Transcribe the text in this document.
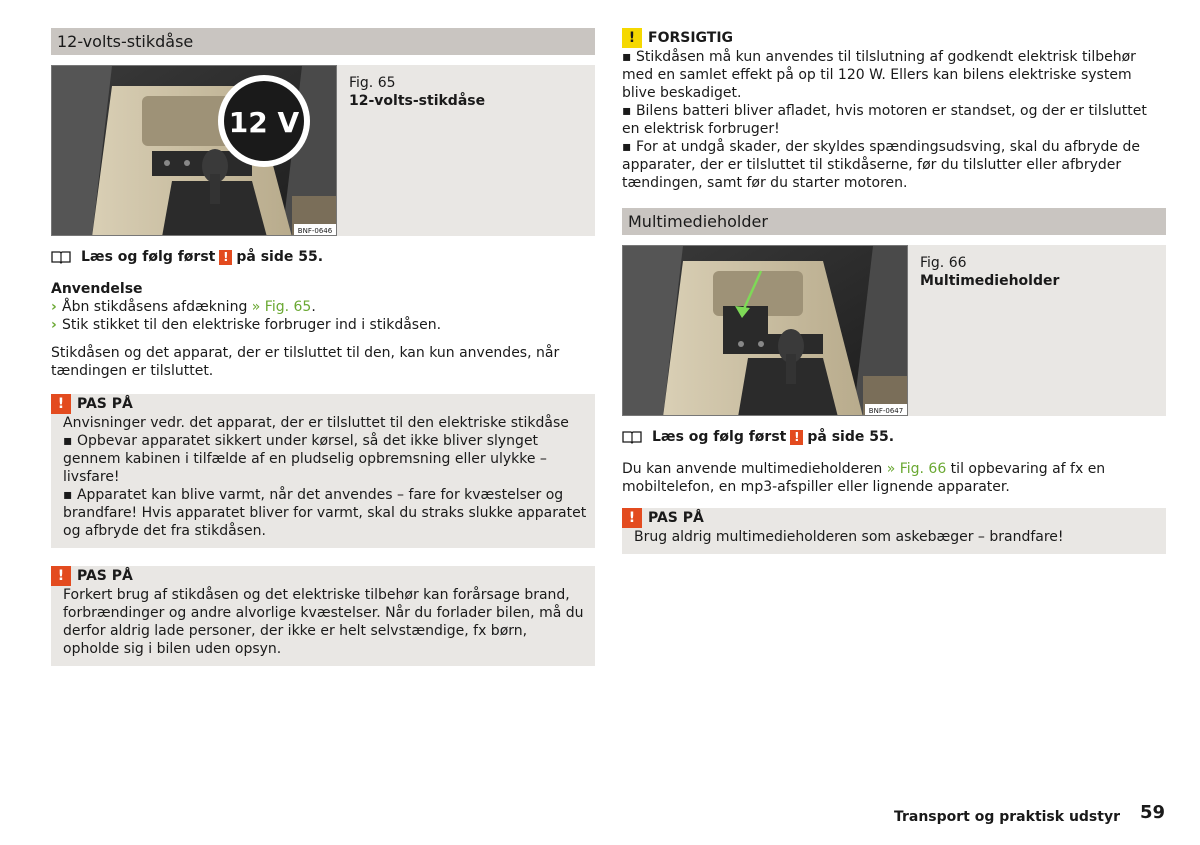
12-volts-stikdåse
12 V
BNF-0646
Fig. 65
12-volts-stikdåse
Læs og følg først ! på side 55.
Anvendelse
› Åbn stikdåsens afdækning » Fig. 65.
› Stik stikket til den elektriske forbruger ind i stikdåsen.
Stikdåsen og det apparat, der er tilsluttet til den, kan kun anvendes, når tændingen er tilsluttet.
! PAS PÅ
Anvisninger vedr. det apparat, der er tilsluttet til den elektriske stikdåse
▪ Opbevar apparatet sikkert under kørsel, så det ikke bliver slynget gennem kabinen i tilfælde af en pludselig opbremsning eller ulykke – livsfare!
▪ Apparatet kan blive varmt, når det anvendes – fare for kvæstelser og brandfare! Hvis apparatet bliver for varmt, skal du straks slukke apparatet og afbryde det fra stikdåsen.
! PAS PÅ
Forkert brug af stikdåsen og det elektriske tilbehør kan forårsage brand, forbrændinger og andre alvorlige kvæstelser. Når du forlader bilen, må du derfor aldrig lade personer, der ikke er helt selvstændige, fx børn, opholde sig i bilen uden opsyn.
! FORSIGTIG
▪ Stikdåsen må kun anvendes til tilslutning af godkendt elektrisk tilbehør med en samlet effekt på op til 120 W. Ellers kan bilens elektriske system blive beskadiget.
▪ Bilens batteri bliver afladet, hvis motoren er standset, og der er tilsluttet en elektrisk forbruger!
▪ For at undgå skader, der skyldes spændingsudsving, skal du afbryde de apparater, der er tilsluttet til stikdåserne, før du tilslutter eller afbryder tændingen, samt før du starter motoren.
Multimedieholder
BNF-0647
Fig. 66
Multimedieholder
Læs og følg først ! på side 55.
Du kan anvende multimedieholderen » Fig. 66 til opbevaring af fx en mobiltelefon, en mp3-afspiller eller lignende apparater.
! PAS PÅ
Brug aldrig multimedieholderen som askebæger – brandfare!
Transport og praktisk udstyr 59
